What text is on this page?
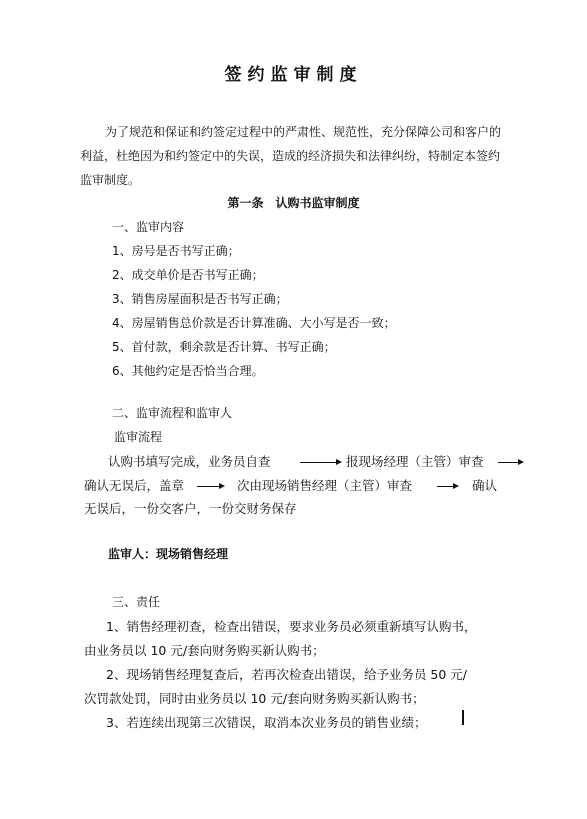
签约监审制度
为了规范和保证和约签定过程中的严肃性、规范性，充分保障公司和客户的
利益，杜绝因为和约签定中的失误，造成的经济损失和法律纠纷，特制定本签约
监审制度。
第一条　认购书监审制度
一、监审内容
1、房号是否书写正确；
2、成交单价是否书写正确；
3、销售房屋面积是否书写正确；
4、房屋销售总价款是否计算准确、大小写是否一致；
5、首付款，剩余款是否计算、书写正确；
6、其他约定是否恰当合理。
二、监审流程和监审人
监审流程
认购书填写完成，业务员自查	报现场经理（主管）审查
确认无误后，盖章	次由现场销售经理（主管）审查	确认
无误后，一份交客户，一份交财务保存
监审人：现场销售经理
三、责任
1、销售经理初查，检查出错误，要求业务员必须重新填写认购书，
由业务员以 10 元/套向财务购买新认购书；
2、现场销售经理复查后，若再次检查出错误，给予业务员 50 元/
次罚款处罚，同时由业务员以 10 元/套向财务购买新认购书；
3、若连续出现第三次错误，取消本次业务员的销售业绩；
